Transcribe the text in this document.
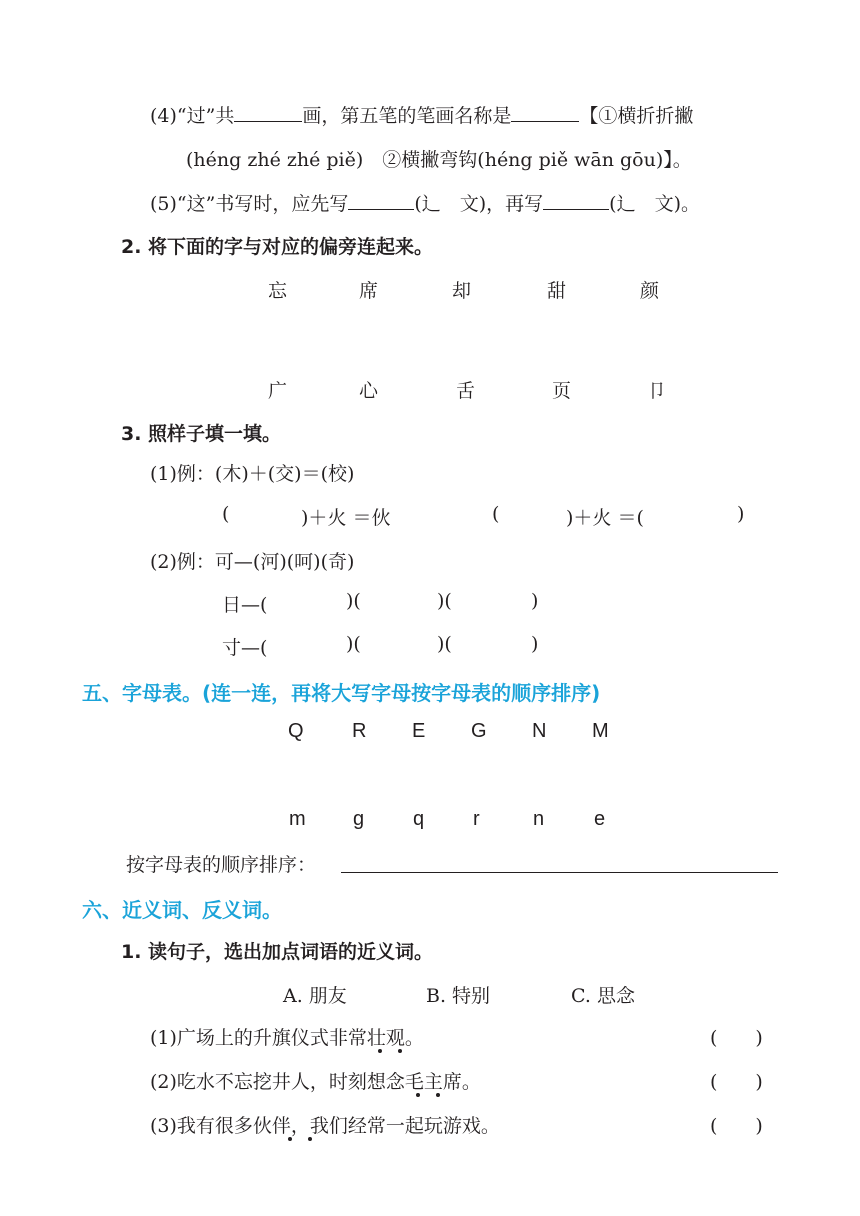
(4)“过”共	画，第五笔的笔画名称是	【①横折折撇
(héng zhé zhé piě)　②横撇弯钩(héng piě wān gōu)】。
(5)“这”书写时，应先写	(辶　文)，再写	(辶　文)。
2. 将下面的字与对应的偏旁连起来。
忘	席	却	甜	颜
广	心	舌	页	卩
3. 照样子填一填。
(1)例：(木)＋(交)＝(校)
(	)＋火 ＝伙	(	)＋火 ＝(	)
(2)例：可—(河)(呵)(奇)
日—(	)(	)(	)
寸—(	)(	)(	)
五、字母表。(连一连，再将大写字母按字母表的顺序排序)
Q R E G N M
m g q r	n e
按字母表的顺序排序：
六、近义词、反义词。
1. 读句子，选出加点词语的近义词。
A. 朋友	B. 特别	C. 思念
(1)广场上的升旗仪式非常壮观。	(　　)
(2)吃水不忘挖井人，时刻想念毛主席。	(　　)
(3)我有很多伙伴，我们经常一起玩游戏。	(　　)
